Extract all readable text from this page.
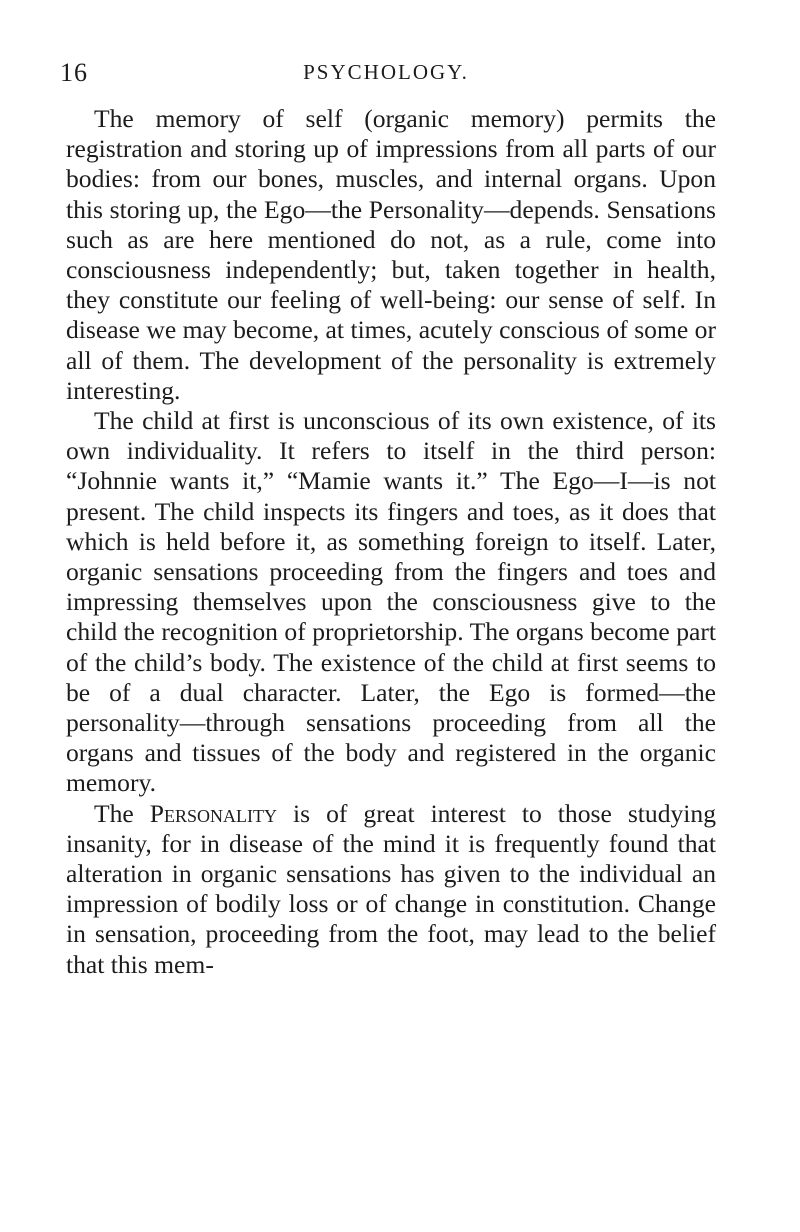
16	PSYCHOLOGY.

The memory of self (organic memory) permits the registration and storing up of impressions from all parts of our bodies: from our bones, muscles, and internal organs. Upon this storing up, the Ego—the Personality—depends. Sensations such as are here mentioned do not, as a rule, come into consciousness independently; but, taken together in health, they constitute our feeling of well-being: our sense of self. In disease we may become, at times, acutely conscious of some or all of them. The development of the personality is extremely interesting.

The child at first is unconscious of its own existence, of its own individuality. It refers to itself in the third person: “Johnnie wants it,” “Mamie wants it.” The Ego—I—is not present. The child inspects its fingers and toes, as it does that which is held before it, as something foreign to itself. Later, organic sensations proceeding from the fingers and toes and impressing themselves upon the consciousness give to the child the recognition of proprietorship. The organs become part of the child’s body. The existence of the child at first seems to be of a dual character. Later, the Ego is formed—the personality—through sensations proceeding from all the organs and tissues of the body and registered in the organic memory.

The Personality is of great interest to those studying insanity, for in disease of the mind it is frequently found that alteration in organic sensations has given to the individual an impression of bodily loss or of change in constitution. Change in sensation, proceeding from the foot, may lead to the belief that this mem-
